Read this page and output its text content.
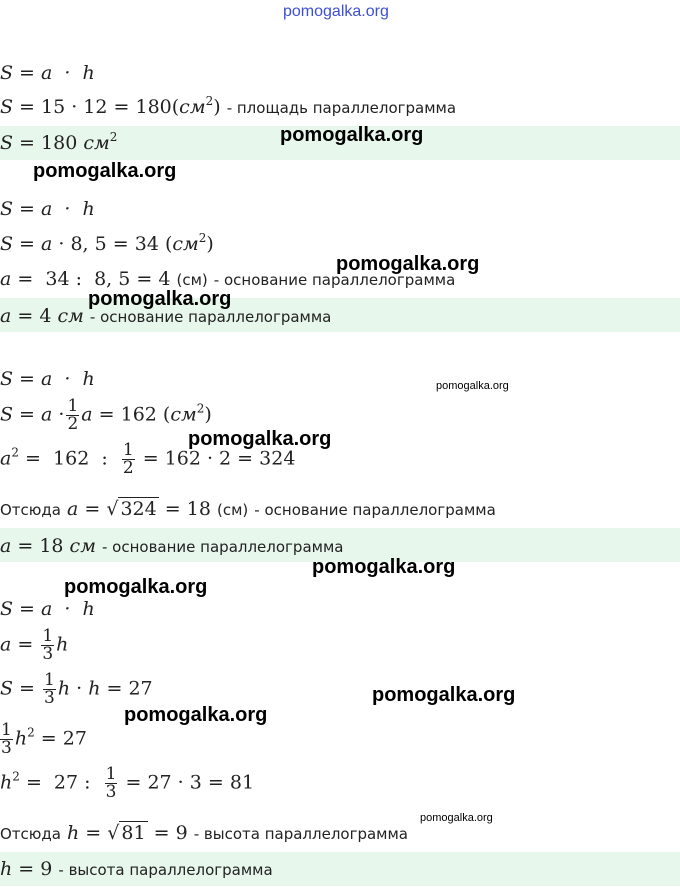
pomogalka.org
S = a  ·  h
$S = 15 \cdot 12 = 180(см^2)$ - площадь параллелограмма
S = 180 $см^2$	pomogalka.org
pomogalka.org
S = a  ·  h
S = a · 8, 5 = 34 $(см^2)$
a =  34 :  8, 5 = 4 (см) - основание параллелограмма
pomogalka.org
pomogalka.org
a = 4 см - основание параллелограмма
S = a  ·  h	pomogalka.org
$S = a \cdot \frac{1}{2}$ a = 162 $(см^2)$
pomogalka.org
$a^2 = 162$  : $\frac{1}{2} = 162 \cdot 2 = 324$
Отсюда a = √ 324 = 18 (см) - основание параллелограмма
a = 18 см - основание параллелограмма
pomogalka.org
pomogalka.org
S = a  ·  h
$a = \frac{1}{3}$ h
$S = \frac{1}{3}$ h · h = 27	pomogalka.org
pomogalka.org
$\frac{1}{3} h^2 = 27$
$h^2 = 27$ : $\frac{1}{3} = 27 \cdot 3 = 81$
pomogalka.org
Отсюда h = √ 81 = 9 - высота параллелограмма
h = 9 - высота параллелограмма
